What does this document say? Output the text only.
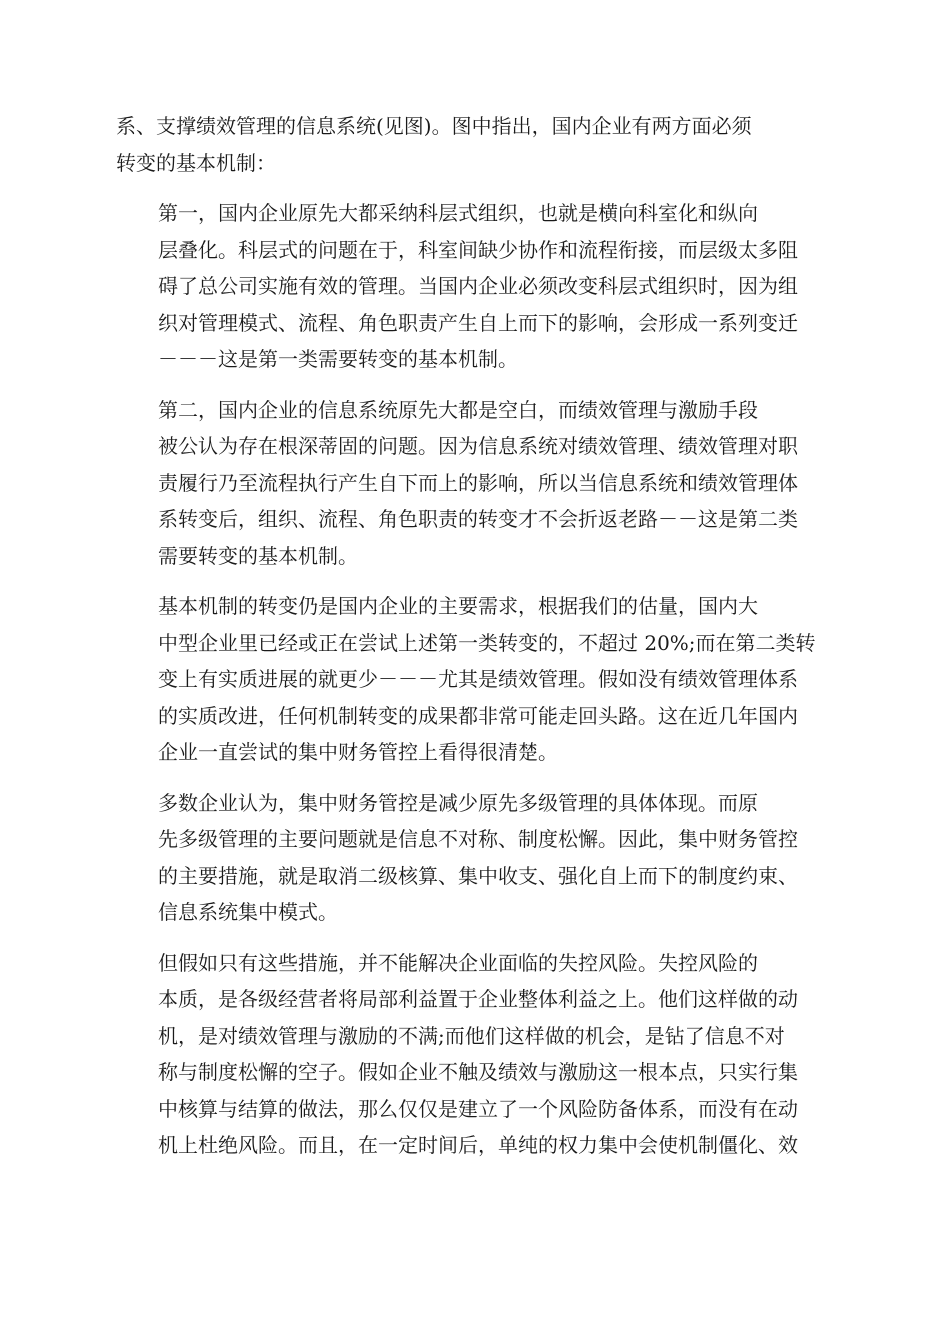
系、支撑绩效管理的信息系统(见图)。图中指出，国内企业有两方面必须
转变的基本机制：

第一，国内企业原先大都采纳科层式组织，也就是横向科室化和纵向
层叠化。科层式的问题在于，科室间缺少协作和流程衔接，而层级太多阻
碍了总公司实施有效的管理。当国内企业必须改变科层式组织时，因为组
织对管理模式、流程、角色职责产生自上而下的影响，会形成一系列变迁
－－－这是第一类需要转变的基本机制。

第二，国内企业的信息系统原先大都是空白，而绩效管理与激励手段
被公认为存在根深蒂固的问题。因为信息系统对绩效管理、绩效管理对职
责履行乃至流程执行产生自下而上的影响，所以当信息系统和绩效管理体
系转变后，组织、流程、角色职责的转变才不会折返老路－－这是第二类
需要转变的基本机制。

基本机制的转变仍是国内企业的主要需求，根据我们的估量，国内大
中型企业里已经或正在尝试上述第一类转变的，不超过 20%;而在第二类转
变上有实质进展的就更少－－－尤其是绩效管理。假如没有绩效管理体系
的实质改进，任何机制转变的成果都非常可能走回头路。这在近几年国内
企业一直尝试的集中财务管控上看得很清楚。

多数企业认为，集中财务管控是减少原先多级管理的具体体现。而原
先多级管理的主要问题就是信息不对称、制度松懈。因此，集中财务管控
的主要措施，就是取消二级核算、集中收支、强化自上而下的制度约束、
信息系统集中模式。

但假如只有这些措施，并不能解决企业面临的失控风险。失控风险的
本质，是各级经营者将局部利益置于企业整体利益之上。他们这样做的动
机，是对绩效管理与激励的不满;而他们这样做的机会，是钻了信息不对
称与制度松懈的空子。假如企业不触及绩效与激励这一根本点，只实行集
中核算与结算的做法，那么仅仅是建立了一个风险防备体系，而没有在动
机上杜绝风险。而且，在一定时间后，单纯的权力集中会使机制僵化、效
